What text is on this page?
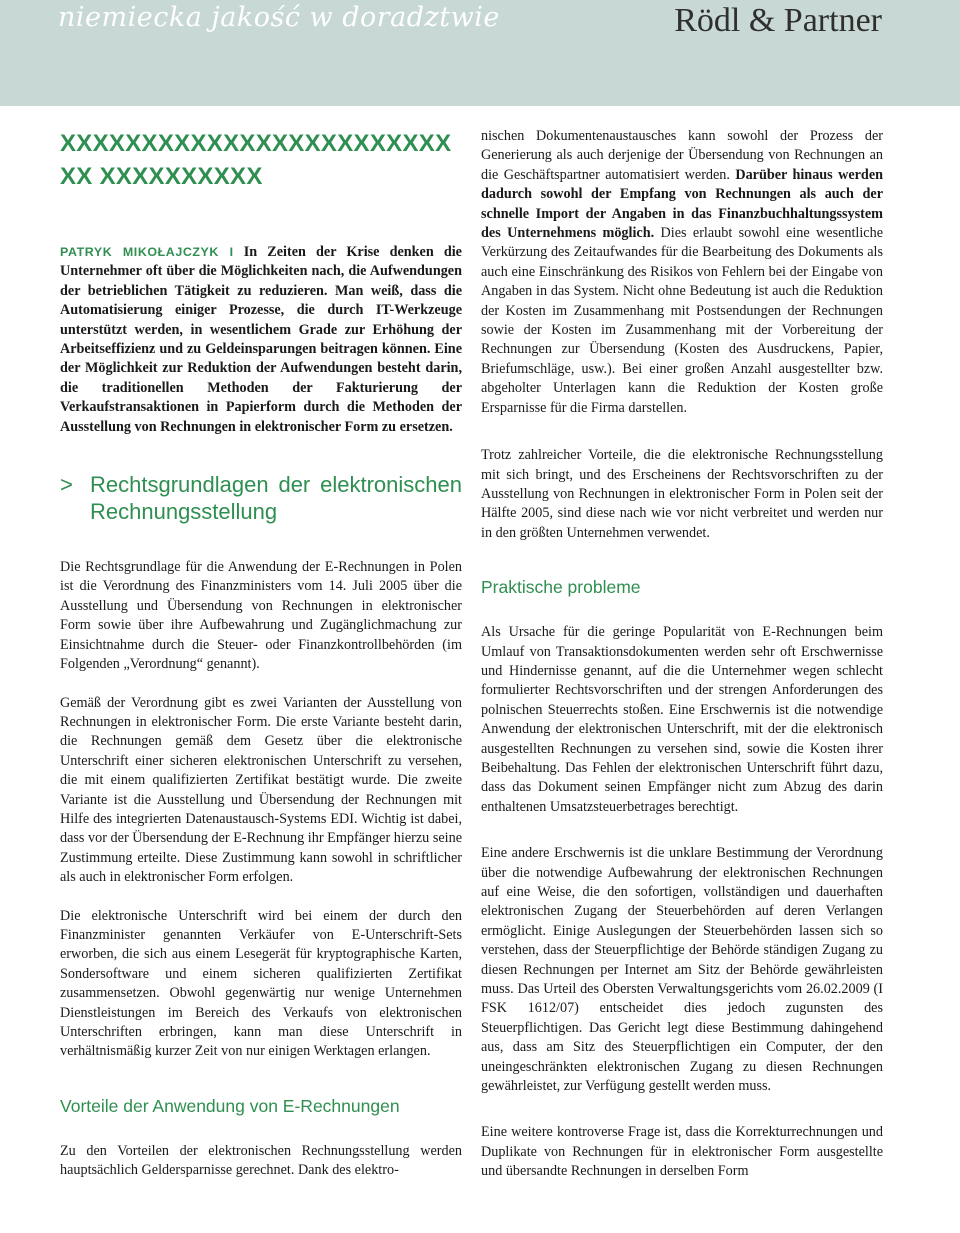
niemiecka jakość w doradztwie	Rödl & Partner
XXXXXXXXXXXXXXXXXXXXXXXXXX XXXXXXXXXX

PATRYK MIKOŁAJCZYK I In Zeiten der Krise denken die Unternehmer oft über die Möglichkeiten nach, die Aufwendungen der betrieblichen Tätigkeit zu reduzieren. Man weiß, dass die Automatisierung einiger Prozesse, die durch IT-Werkzeuge unterstützt werden, in wesentlichem Grade zur Erhöhung der Arbeitseffizienz und zu Geldeinsparungen beitragen können. Eine der Möglichkeit zur Reduktion der Aufwendungen besteht darin, die traditionellen Methoden der Fakturierung der Verkaufstransaktionen in Papierform durch die Methoden der Ausstellung von Rechnungen in elektronischer Form zu ersetzen.

> Rechtsgrundlagen der elektronischen Rechnungsstellung

Die Rechtsgrundlage für die Anwendung der E-Rechnungen in Polen ist die Verordnung des Finanzministers vom 14. Juli 2005 über die Ausstellung und Übersendung von Rechnungen in elektronischer Form sowie über ihre Aufbewahrung und Zugänglichmachung zur Einsichtnahme durch die Steuer- oder Finanzkontrollbehörden (im Folgenden „Verordnung“ genannt).

Gemäß der Verordnung gibt es zwei Varianten der Ausstellung von Rechnungen in elektronischer Form. Die erste Variante besteht darin, die Rechnungen gemäß dem Gesetz über die elektronische Unterschrift einer sicheren elektronischen Unterschrift zu versehen, die mit einem qualifizierten Zertifikat bestätigt wurde. Die zweite Variante ist die Ausstellung und Übersendung der Rechnungen mit Hilfe des integrierten Datenaustausch-Systems EDI. Wichtig ist dabei, dass vor der Übersendung der E-Rechnung ihr Empfänger hierzu seine Zustimmung erteilte. Diese Zustimmung kann sowohl in schriftlicher als auch in elektronischer Form erfolgen.

Die elektronische Unterschrift wird bei einem der durch den Finanzminister genannten Verkäufer von E-Unterschrift-Sets erworben, die sich aus einem Lesegerät für kryptographische Karten, Sondersoftware und einem sicheren qualifizierten Zertifikat zusammensetzen. Obwohl gegenwärtig nur wenige Unternehmen Dienstleistungen im Bereich des Verkaufs von elektronischen Unterschriften erbringen, kann man diese Unterschrift in verhältnismäßig kurzer Zeit von nur einigen Werktagen erlangen.

Vorteile der Anwendung von E-Rechnungen

Zu den Vorteilen der elektronischen Rechnungsstellung werden hauptsächlich Geldersparnisse gerechnet. Dank des elektro-

nischen Dokumentenaustausches kann sowohl der Prozess der Generierung als auch derjenige der Übersendung von Rechnungen an die Geschäftspartner automatisiert werden. Darüber hinaus werden dadurch sowohl der Empfang von Rechnungen als auch der schnelle Import der Angaben in das Finanzbuchhaltungssystem des Unternehmens möglich. Dies erlaubt sowohl eine wesentliche Verkürzung des Zeitaufwandes für die Bearbeitung des Dokuments als auch eine Einschränkung des Risikos von Fehlern bei der Eingabe von Angaben in das System. Nicht ohne Bedeutung ist auch die Reduktion der Kosten im Zusammenhang mit Postsendungen der Rechnungen sowie der Kosten im Zusammenhang mit der Vorbereitung der Rechnungen zur Übersendung (Kosten des Ausdruckens, Papier, Briefumschläge, usw.). Bei einer großen Anzahl ausgestellter bzw. abgeholter Unterlagen kann die Reduktion der Kosten große Ersparnisse für die Firma darstellen.

Trotz zahlreicher Vorteile, die die elektronische Rechnungsstellung mit sich bringt, und des Erscheinens der Rechtsvorschriften zu der Ausstellung von Rechnungen in elektronischer Form in Polen seit der Hälfte 2005, sind diese nach wie vor nicht verbreitet und werden nur in den größten Unternehmen verwendet.

Praktische probleme

Als Ursache für die geringe Popularität von E-Rechnungen beim Umlauf von Transaktionsdokumenten werden sehr oft Erschwernisse und Hindernisse genannt, auf die die Unternehmer wegen schlecht formulierter Rechtsvorschriften und der strengen Anforderungen des polnischen Steuerrechts stoßen. Eine Erschwernis ist die notwendige Anwendung der elektronischen Unterschrift, mit der die elektronisch ausgestellten Rechnungen zu versehen sind, sowie die Kosten ihrer Beibehaltung. Das Fehlen der elektronischen Unterschrift führt dazu, dass das Dokument seinen Empfänger nicht zum Abzug des darin enthaltenen Umsatzsteuerbetrages berechtigt.

Eine andere Erschwernis ist die unklare Bestimmung der Verordnung über die notwendige Aufbewahrung der elektronischen Rechnungen auf eine Weise, die den sofortigen, vollständigen und dauerhaften elektronischen Zugang der Steuerbehörden auf deren Verlangen ermöglicht. Einige Auslegungen der Steuerbehörden lassen sich so verstehen, dass der Steuerpflichtige der Behörde ständigen Zugang zu diesen Rechnungen per Internet am Sitz der Behörde gewährleisten muss. Das Urteil des Obersten Verwaltungsgerichts vom 26.02.2009 (I FSK 1612/07) entscheidet dies jedoch zugunsten des Steuerpflichtigen. Das Gericht legt diese Bestimmung dahingehend aus, dass am Sitz des Steuerpflichtigen ein Computer, der den uneingeschränkten elektronischen Zugang zu diesen Rechnungen gewährleistet, zur Verfügung gestellt werden muss.

Eine weitere kontroverse Frage ist, dass die Korrekturrechnungen und Duplikate von Rechnungen für in elektronischer Form ausgestellte und übersandte Rechnungen in derselben Form
